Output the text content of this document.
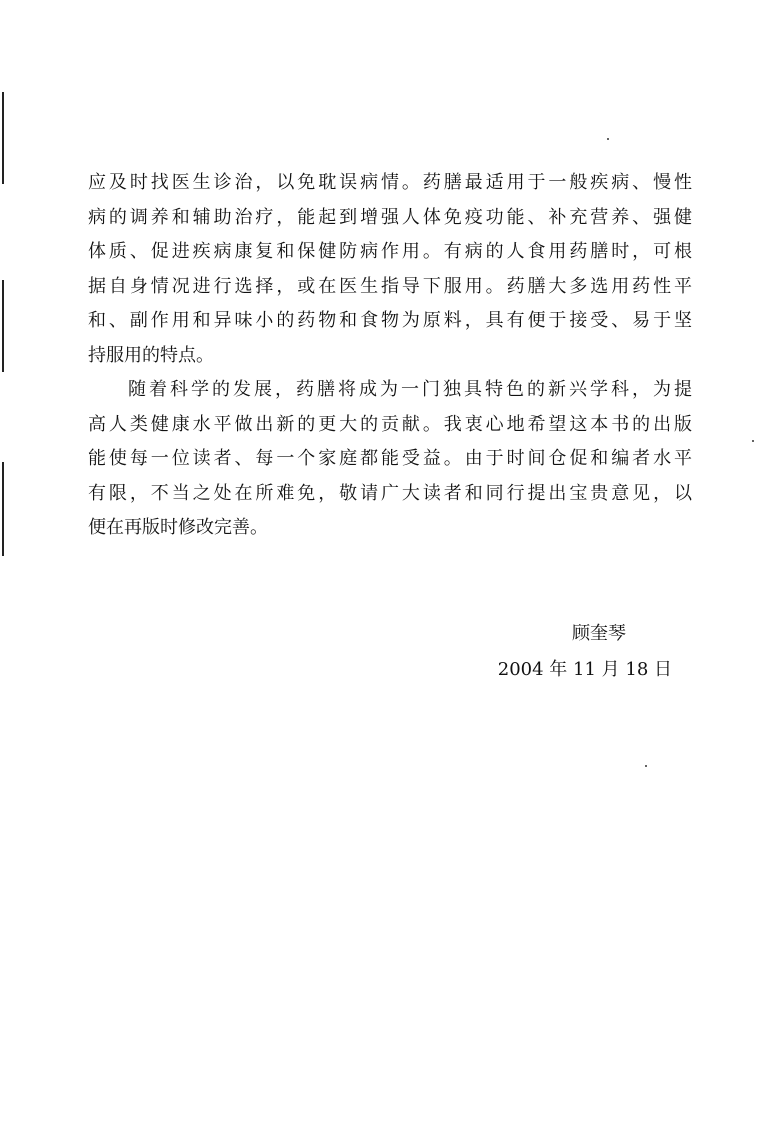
应及时找医生诊治，以免耽误病情。药膳最适用于一般疾病、慢性
病的调养和辅助治疗，能起到增强人体免疫功能、补充营养、强健
体质、促进疾病康复和保健防病作用。有病的人食用药膳时，可根
据自身情况进行选择，或在医生指导下服用。药膳大多选用药性平
和、副作用和异味小的药物和食物为原料，具有便于接受、易于坚
持服用的特点。
随着科学的发展，药膳将成为一门独具特色的新兴学科，为提
高人类健康水平做出新的更大的贡献。我衷心地希望这本书的出版
能使每一位读者、每一个家庭都能受益。由于时间仓促和编者水平
有限，不当之处在所难免，敬请广大读者和同行提出宝贵意见，以
便在再版时修改完善。
顾奎琴
2004 年 11 月 18 日
